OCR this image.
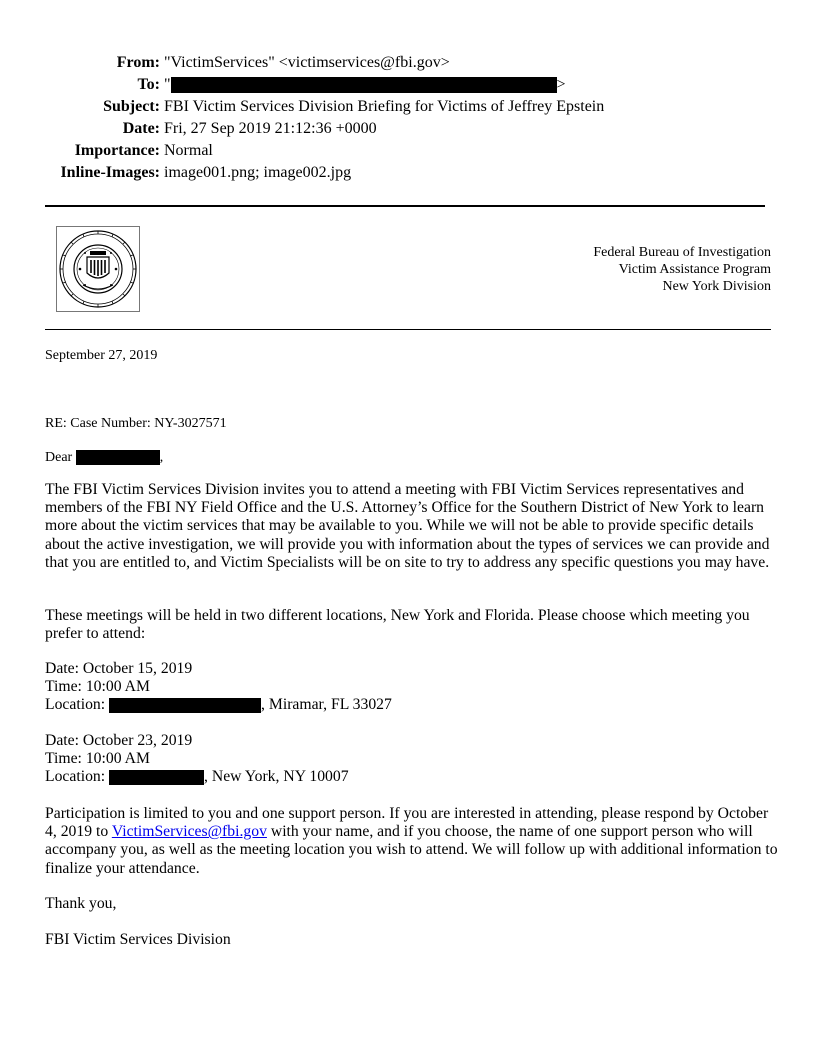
From: "VictimServices" <victimservices@fbi.gov>
To: "	>
Subject: FBI Victim Services Division Briefing for Victims of Jeffrey Epstein
Date: Fri, 27 Sep 2019 21:12:36 +0000
Importance: Normal
Inline-Images: image001.png; image002.jpg
Federal Bureau of Investigation
Victim Assistance Program
New York Division
September 27, 2019
RE: Case Number: NY-3027571
Dear	,
The FBI Victim Services Division invites you to attend a meeting with FBI Victim Services representatives and members of the FBI NY Field Office and the U.S. Attorney’s Office for the Southern District of New York to learn more about the victim services that may be available to you. While we will not be able to provide specific details about the active investigation, we will provide you with information about the types of services we can provide and that you are entitled to, and Victim Specialists will be on site to try to address any specific questions you may have.
These meetings will be held in two different locations, New York and Florida. Please choose which meeting you prefer to attend:
Date: October 15, 2019
Time: 10:00 AM
Location:	, Miramar, FL 33027
Date: October 23, 2019
Time: 10:00 AM
Location:	, New York, NY 10007
Participation is limited to you and one support person. If you are interested in attending, please respond by October 4, 2019 to VictimServices@fbi.gov with your name, and if you choose, the name of one support person who will accompany you, as well as the meeting location you wish to attend. We will follow up with additional information to finalize your attendance.
Thank you,
FBI Victim Services Division
